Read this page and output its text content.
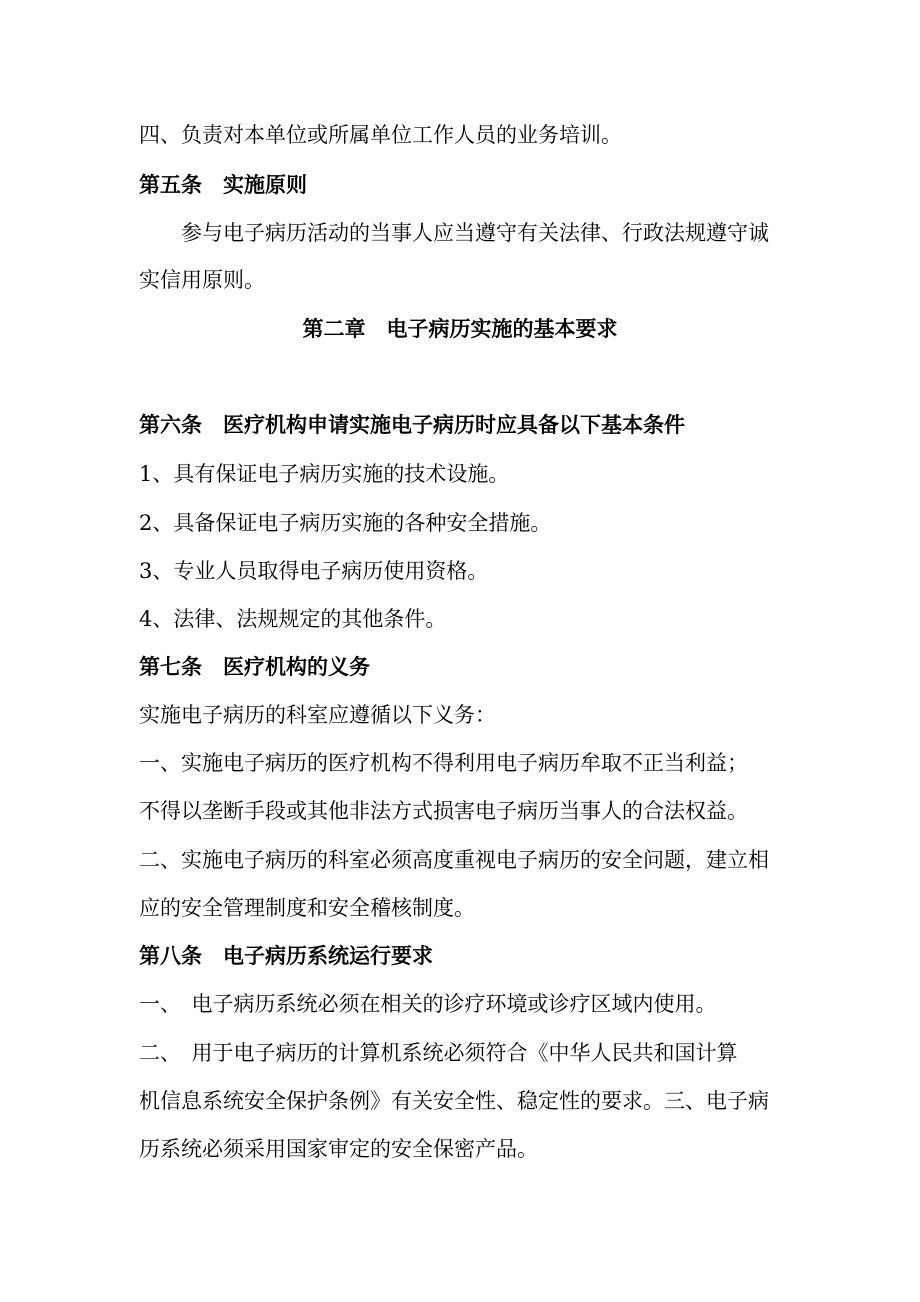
四、负责对本单位或所属单位工作人员的业务培训。
第五条　实施原则
参与电子病历活动的当事人应当遵守有关法律、行政法规遵守诚
实信用原则。
第二章　电子病历实施的基本要求
第六条　医疗机构申请实施电子病历时应具备以下基本条件
1、具有保证电子病历实施的技术设施。
2、具备保证电子病历实施的各种安全措施。
3、专业人员取得电子病历使用资格。
4、法律、法规规定的其他条件。
第七条　医疗机构的义务
实施电子病历的科室应遵循以下义务：
一、实施电子病历的医疗机构不得利用电子病历牟取不正当利益；
不得以垄断手段或其他非法方式损害电子病历当事人的合法权益。
二、实施电子病历的科室必须高度重视电子病历的安全问题，建立相
应的安全管理制度和安全稽核制度。
第八条　电子病历系统运行要求
一、　电子病历系统必须在相关的诊疗环境或诊疗区域内使用。
二、　用于电子病历的计算机系统必须符合《中华人民共和国计算
机信息系统安全保护条例》有关安全性、稳定性的要求。三、电子病
历系统必须采用国家审定的安全保密产品。
